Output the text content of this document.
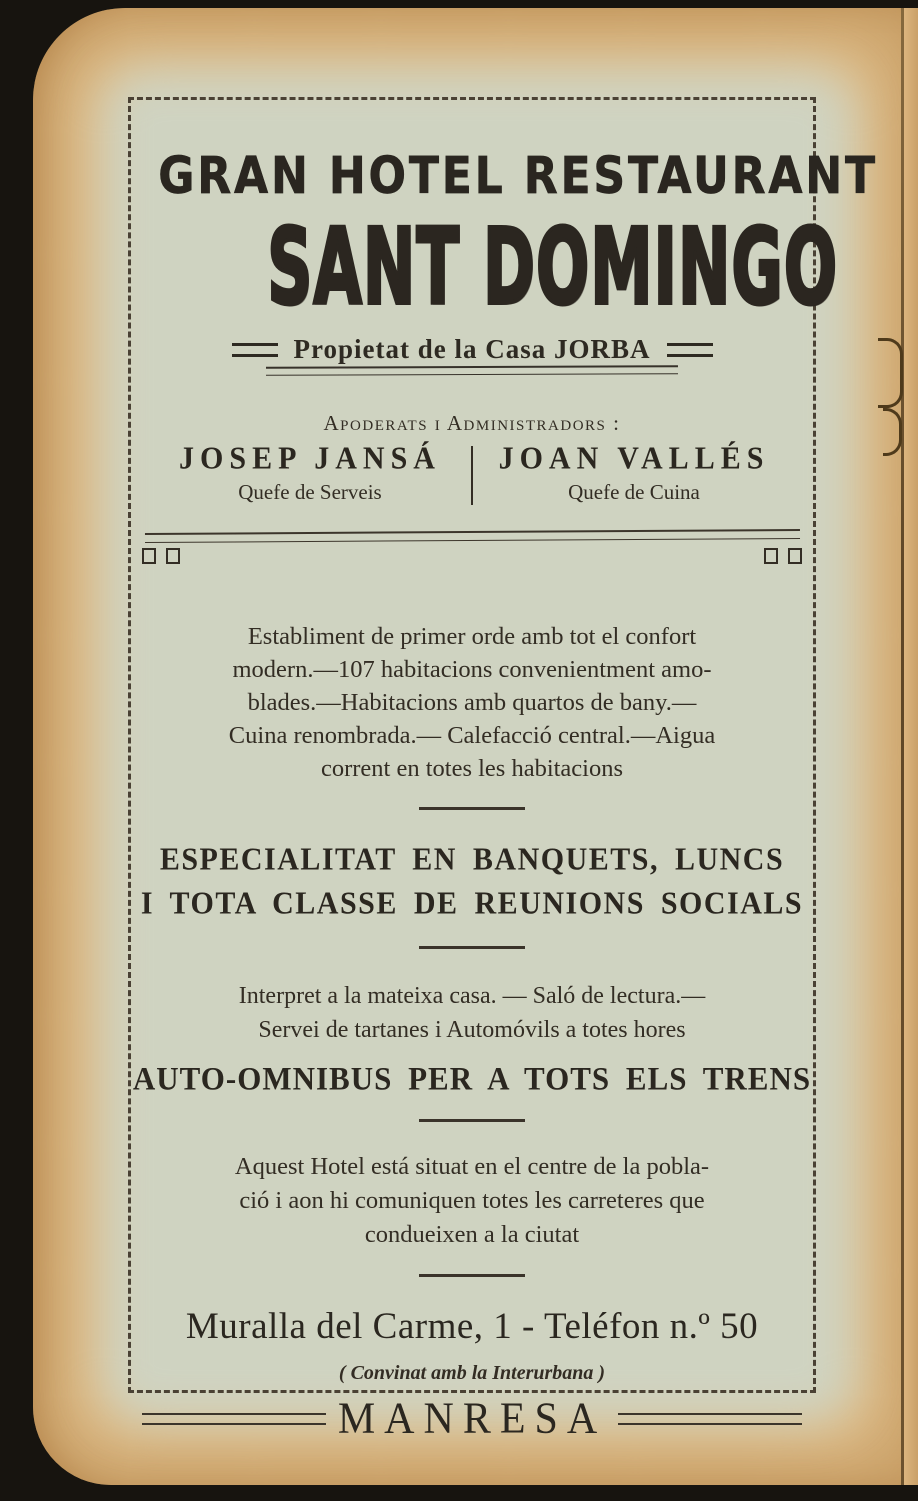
GRAN HOTEL RESTAURANT
SANT DOMINGO
Propietat de la Casa JORBA
Apoderats i Administradors :
JOSEP JANSÁ
Quefe de Serveis
JOAN VALLÉS
Quefe de Cuina
Establiment de primer orde amb tot el confort
modern.—107 habitacions convenientment amo-
blades.—Habitacions amb quartos de bany.—
Cuina renombrada.— Calefacció central.—Aigua
corrent en totes les habitacions
ESPECIALITAT EN BANQUETS, LUNCS
I TOTA CLASSE DE REUNIONS SOCIALS
Interpret a la mateixa casa. — Saló de lectura.—
Servei de tartanes i Automóvils a totes hores
AUTO-OMNIBUS PER A TOTS ELS TRENS
Aquest Hotel está situat en el centre de la pobla-
ció i aon hi comuniquen totes les carreteres que
condueixen a la ciutat
Muralla del Carme, 1 - Teléfon n.º 50
( Convinat amb la Interurbana )
MANRESA
